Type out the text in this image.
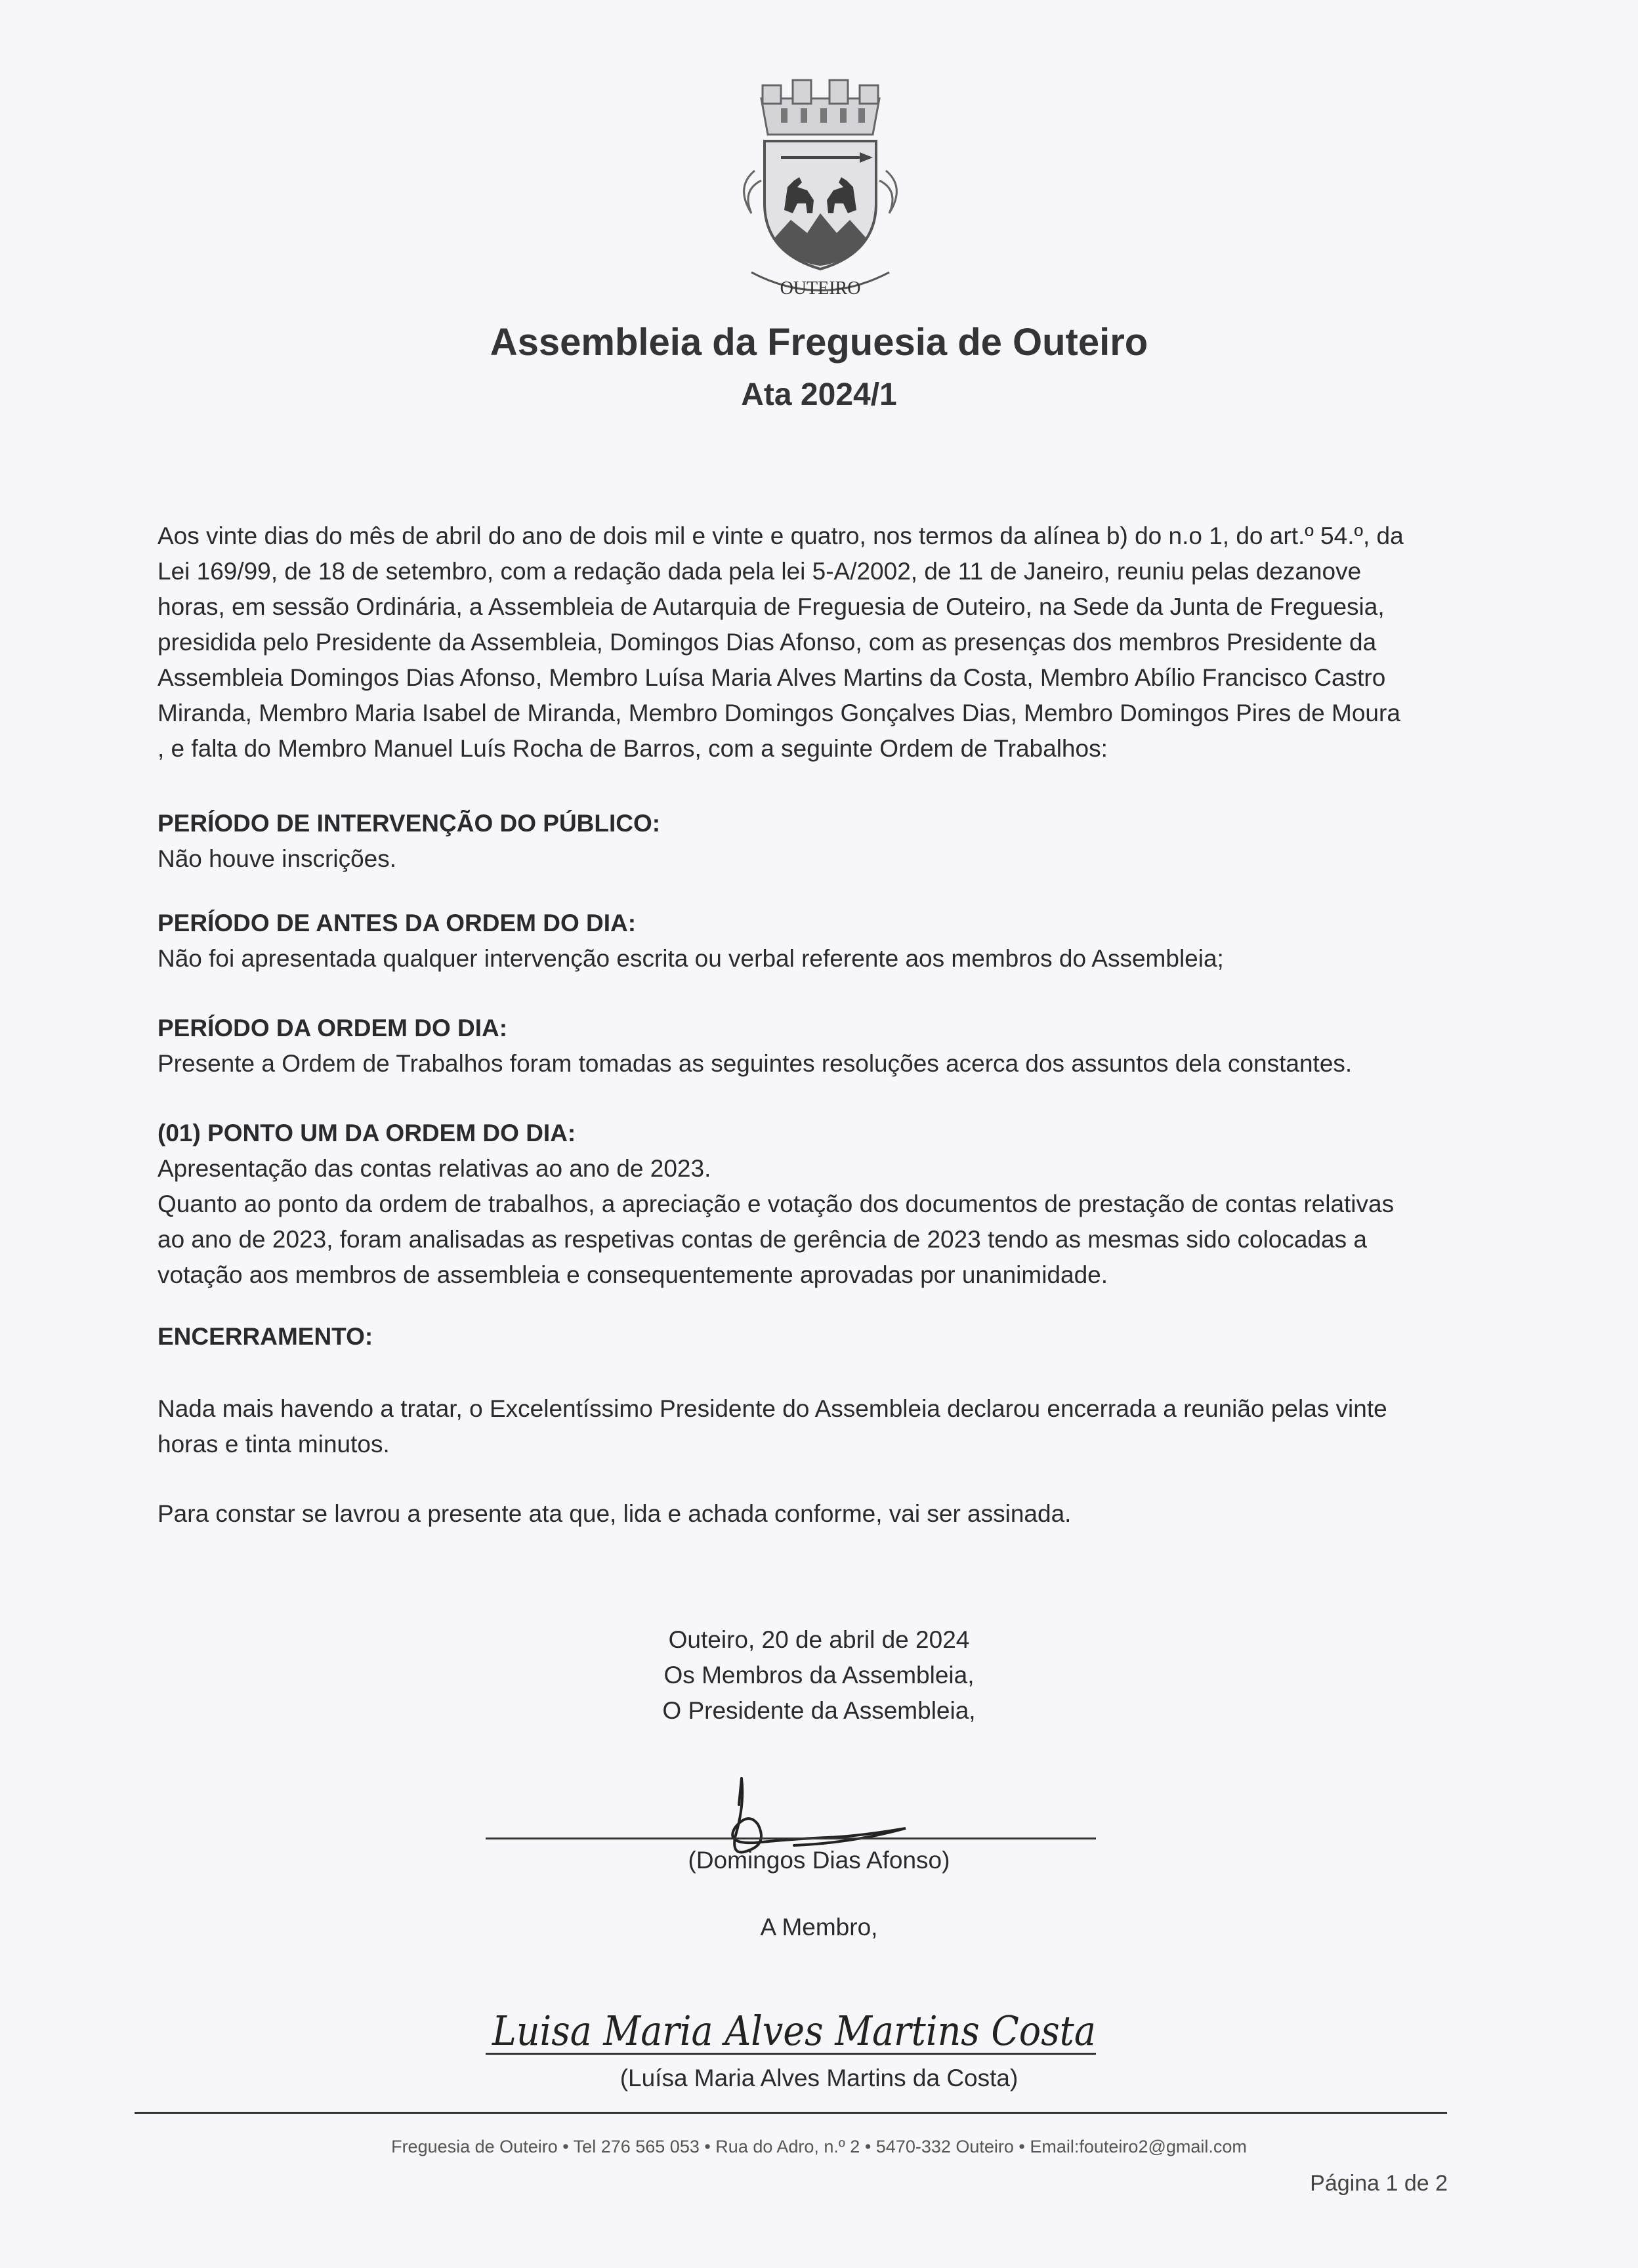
OUTEIRO
Assembleia da Freguesia de Outeiro
Ata 2024/1
Aos vinte dias do mês de abril do ano de dois mil e vinte e quatro, nos termos da alínea b) do n.o 1, do art.º 54.º, da
Lei 169/99, de 18 de setembro, com a redação dada pela lei 5-A/2002, de 11 de Janeiro, reuniu pelas dezanove
horas, em sessão Ordinária, a Assembleia de Autarquia de Freguesia de Outeiro, na Sede da Junta de Freguesia,
presidida pelo Presidente da Assembleia, Domingos Dias Afonso, com as presenças dos membros Presidente da
Assembleia Domingos Dias Afonso, Membro Luísa Maria Alves Martins da Costa, Membro Abílio Francisco Castro
Miranda, Membro Maria Isabel de Miranda, Membro Domingos Gonçalves Dias, Membro Domingos Pires de Moura
, e falta do Membro Manuel Luís Rocha de Barros, com a seguinte Ordem de Trabalhos:
PERÍODO DE INTERVENÇÃO DO PÚBLICO:
Não houve inscrições.
PERÍODO DE ANTES DA ORDEM DO DIA:
Não foi apresentada qualquer intervenção escrita ou verbal referente aos membros do Assembleia;
PERÍODO DA ORDEM DO DIA:
Presente a Ordem de Trabalhos foram tomadas as seguintes resoluções acerca dos assuntos dela constantes.
(01) PONTO UM DA ORDEM DO DIA:
Apresentação das contas relativas ao ano de 2023.
Quanto ao ponto da ordem de trabalhos, a apreciação e votação dos documentos de prestação de contas relativas
ao ano de 2023, foram analisadas as respetivas contas de gerência de 2023 tendo as mesmas sido colocadas a
votação aos membros de assembleia e consequentemente aprovadas por unanimidade.
ENCERRAMENTO:
Nada mais havendo a tratar, o Excelentíssimo Presidente do Assembleia declarou encerrada a reunião pelas vinte
horas e tinta minutos.
Para constar se lavrou a presente ata que, lida e achada conforme, vai ser assinada.
Outeiro, 20 de abril de 2024
Os Membros da Assembleia,
O Presidente da Assembleia,
(Domingos Dias Afonso)
A Membro,
Luisa Maria Alves Martins Costa
(Luísa Maria Alves Martins da Costa)
Freguesia de Outeiro • Tel 276 565 053 • Rua do Adro, n.º 2 • 5470-332 Outeiro • Email:fouteiro2@gmail.com
Página 1 de 2
